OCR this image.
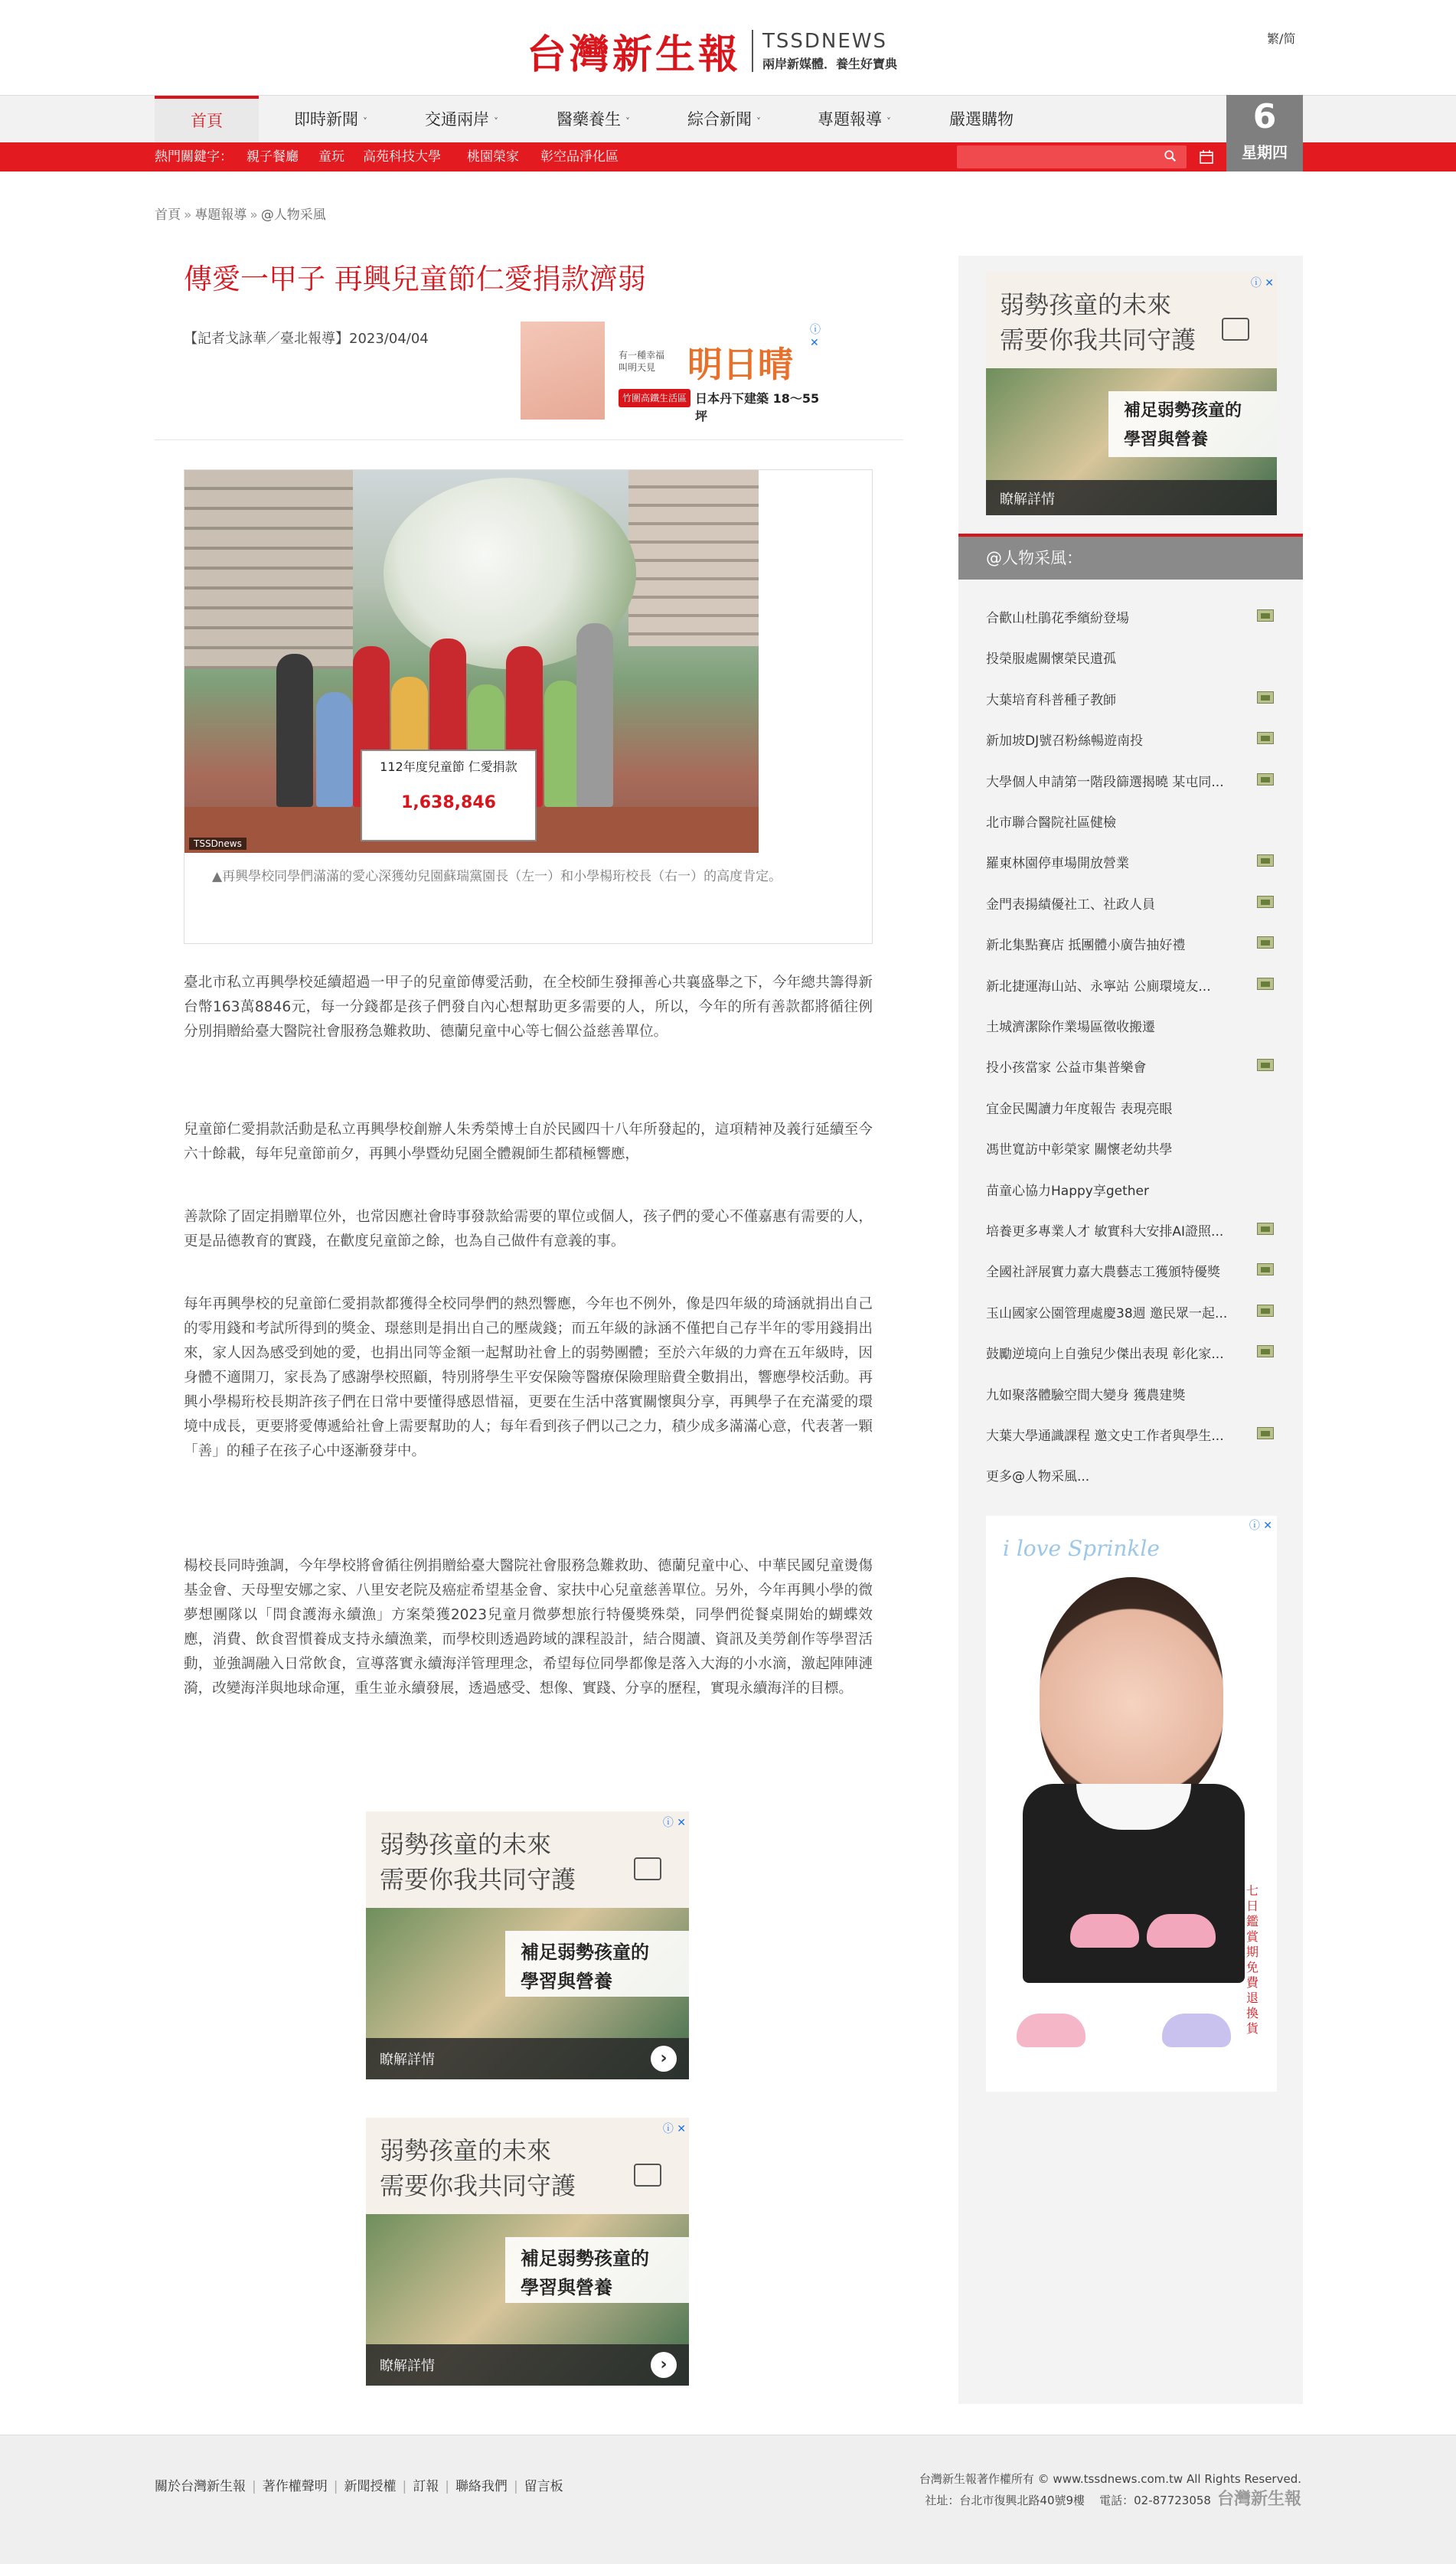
台灣新生報 TSSDNEWS
兩岸新媒體．養生好寶典
繁/简
首頁	即時新聞 ˅	交通兩岸 ˅	醫藥養生 ˅	綜合新聞 ˅	專題報導 ˅	嚴選購物
熱門關鍵字： 親子餐廳 童玩 高苑科技大學 桃園榮家 彰空品淨化區
6
星期四
首頁 » 專題報導 » @人物采風
傳愛一甲子 再興兒童節仁愛捐款濟弱
【記者戈詠華／臺北報導】2023/04/04
有一種幸福
叫明天見 明日晴
竹圍高鐵生活區 日本丹下建築 18～55坪
ⓘ ✕
112年度兒童節 仁愛捐款
1,638,846
TSSDnews
▲再興學校同學們滿滿的愛心深獲幼兒園蘇瑞黨園長（左一）和小學楊珩校長（右一）的高度肯定。

臺北市私立再興學校延續超過一甲子的兒童節傳愛活動，在全校師生發揮善心共襄盛舉之下，今年總共籌得新台幣163萬8846元，每一分錢都是孩子們發自內心想幫助更多需要的人，所以，今年的所有善款都將循往例分別捐贈給臺大醫院社會服務急難救助、德蘭兒童中心等七個公益慈善單位。

兒童節仁愛捐款活動是私立再興學校創辦人朱秀榮博士自於民國四十八年所發起的，這項精神及義行延續至今六十餘載，每年兒童節前夕，再興小學暨幼兒園全體親師生都積極響應，

善款除了固定捐贈單位外，也常因應社會時事發款給需要的單位或個人，孩子們的愛心不僅嘉惠有需要的人，更是品德教育的實踐，在歡度兒童節之餘，也為自己做件有意義的事。

每年再興學校的兒童節仁愛捐款都獲得全校同學們的熱烈響應，今年也不例外，像是四年級的琦涵就捐出自己的零用錢和考試所得到的獎金、璟慈則是捐出自己的壓歲錢；而五年級的詠涵不僅把自己存半年的零用錢捐出來，家人因為感受到她的愛，也捐出同等金額一起幫助社會上的弱勢團體；至於六年級的力齊在五年級時，因身體不適開刀，家長為了感謝學校照顧，特別將學生平安保險等醫療保險理賠費全數捐出，響應學校活動。再興小學楊珩校長期許孩子們在日常中要懂得感恩惜福，更要在生活中落實關懷與分享，再興學子在充滿愛的環境中成長，更要將愛傳遞給社會上需要幫助的人；每年看到孩子們以己之力，積少成多滿滿心意，代表著一顆「善」的種子在孩子心中逐漸發芽中。

楊校長同時強調，今年學校將會循往例捐贈給臺大醫院社會服務急難救助、德蘭兒童中心、中華民國兒童燙傷基金會、天母聖安娜之家、八里安老院及癌症希望基金會、家扶中心兒童慈善單位。另外，今年再興小學的微夢想團隊以「問食護海永續漁」方案榮獲2023兒童月微夢想旅行特優獎殊榮，同學們從餐桌開始的蝴蝶效應，消費、飲食習慣養成支持永續漁業，而學校則透過跨域的課程設計，結合閱讀、資訊及美勞創作等學習活動，並強調融入日常飲食，宣導落實永續海洋管理理念，希望每位同學都像是落入大海的小水滴，激起陣陣漣漪，改變海洋與地球命運，重生並永續發展，透過感受、想像、實踐、分享的歷程，實現永續海洋的目標。

弱勢孩童的未來
需要你我共同守護
ⓘ ✕
補足弱勢孩童的
學習與營養
瞭解詳情	›
弱勢孩童的未來
需要你我共同守護
ⓘ ✕
補足弱勢孩童的
學習與營養
瞭解詳情	›
弱勢孩童的未來
需要你我共同守護
ⓘ ✕
補足弱勢孩童的
學習與營養
瞭解詳情
@人物采風：
合歡山杜鵑花季繽紛登場
投榮服處關懷榮民遺孤
大葉培育科普種子教師
新加坡DJ號召粉絲暢遊南投
大學個人申請第一階段篩選揭曉 某屯同...
北市聯合醫院社區健檢
羅東林園停車場開放營業
金門表揚績優社工、社政人員
新北集點賽店 抵團體小廣告抽好禮
新北捷運海山站、永寧站 公廁環境友...
土城濟潔除作業場區徵收搬遷
投小孩當家 公益市集普樂會
宜金民闖讀力年度報告 表現亮眼
馮世寬訪中彰榮家 關懷老幼共學
苗童心協力Happy享gether
培養更多專業人才 敏實科大安排AI證照...
全國社評展實力嘉大農藝志工獲頒特優獎
玉山國家公園管理處慶38週 邀民眾一起...
鼓勵逆境向上自強兒少傑出表現 彰化家...
九如聚落體驗空間大變身 獲農建獎
大葉大學通識課程 邀文史工作者與學生...
更多@人物采風...
i love Sprinkle
ⓘ ✕
七日鑑賞期免費退換貨
關於台灣新生報 | 著作權聲明 | 新聞授權 | 訂報 | 聯絡我們 | 留言板	台灣新生報著作權所有 © www.tssdnews.com.tw All Rights Reserved.
社址：台北市復興北路40號9樓 電話：02-87723058 台灣新生報
